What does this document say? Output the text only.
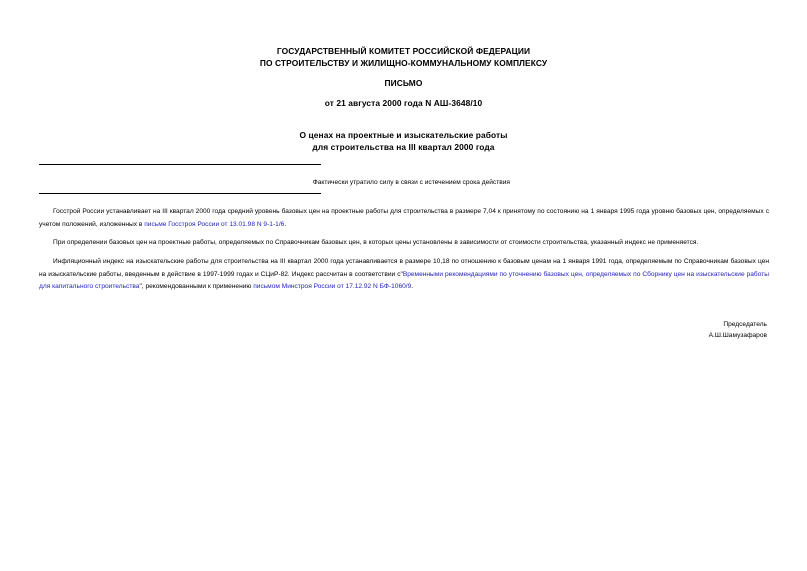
ГОСУДАРСТВЕННЫЙ КОМИТЕТ РОССИЙСКОЙ ФЕДЕРАЦИИ
ПО СТРОИТЕЛЬСТВУ И ЖИЛИЩНО-КОММУНАЛЬНОМУ КОМПЛЕКСУ
ПИСЬМО
от 21 августа 2000 года N АШ-3648/10
О ценах на проектные и изыскательские работы
для строительства на III квартал 2000 года
Фактически утратило силу в связи с истечением срока действия
Госстрой России устанавливает на III квартал 2000 года средний уровень базовых цен на проектные работы для строительства в размере 7,04 к принятому по состоянию на 1 января 1995 года уровню базовых цен, определяемых с учетом положений, изложенных в письме Госстроя России от 13.01.98 N 9-1-1/6.
При определении базовых цен на проектные работы, определяемых по Справочникам базовых цен, в которых цены установлены в зависимости от стоимости строительства, указанный индекс не применяется.
Инфляционный индекс на изыскательские работы для строительства на III квартал 2000 года устанавливается в размере 10,18 по отношению к базовым ценам на 1 января 1991 года, определяемым по Справочникам базовых цен на изыскательские работы, введенным в действие в 1997-1999 годах и СЦиР-82. Индекс рассчитан в соответствии с"Временными рекомендациями по уточнению базовых цен, определяемых по Сборнику цен на изыскательские работы для капитального строительства", рекомендованными к применению письмом Минстроя России от 17.12.92 N БФ-1060/9.
Председатель
А.Ш.Шамузафаров
